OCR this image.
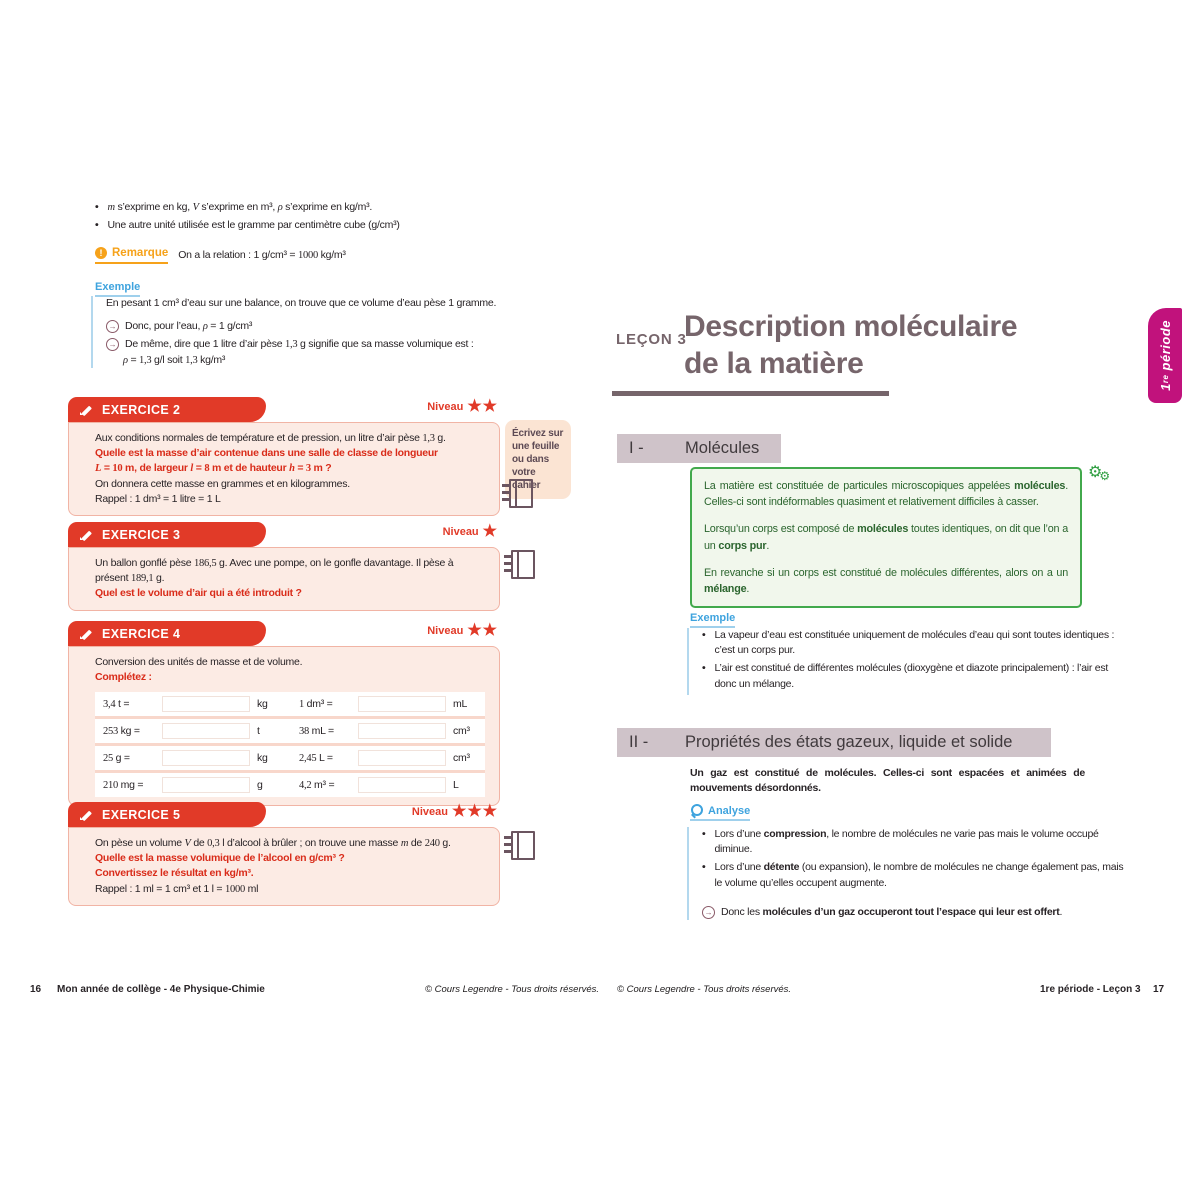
• m s’exprime en kg, V s’exprime en m³, ρ s’exprime en kg/m³.

• Une autre unité utilisée est le gramme par centimètre cube (g/cm³)

! Remarque On a la relation : 1 g/cm³ = 1000 kg/m³
Exemple

En pesant 1 cm³ d’eau sur une balance, on trouve que ce volume d’eau pèse 1 gramme.

→ Donc, pour l’eau, ρ = 1 g/cm³

→ De même, dire que 1 litre d’air pèse 1,3 g signifie que sa masse volumique est :

ρ = 1,3 g/l soit 1,3 kg/m³

EXERCICE 2	Niveau ★★

Aux conditions normales de température et de pression, un litre d’air pèse 1,3 g.

Quelle est la masse d’air contenue dans une salle de classe de longueur

L = 10 m, de largeur l = 8 m et de hauteur h = 3 m ?

On donnera cette masse en grammes et en kilogrammes.

Rappel : 1 dm³ = 1 litre = 1 L

Écrivez sur une feuille ou dans votre cahier
EXERCICE 3	Niveau ★

Un ballon gonflé pèse 186,5 g. Avec une pompe, on le gonfle davantage. Il pèse à présent 189,1 g.

Quel est le volume d’air qui a été introduit ?

EXERCICE 4	Niveau ★★

Conversion des unités de masse et de volume.

Complétez :

3,4 t =	kg	1 dm³ =	mL
253 kg =	t	38 mL =	cm³
25 g =	kg	2,45 L =	cm³
210 mg =	g	4,2 m³ =	L
EXERCICE 5	Niveau ★★★

On pèse un volume V de 0,3 l d’alcool à brûler ; on trouve une masse m de 240 g.

Quelle est la masse volumique de l’alcool en g/cm³ ?

Convertissez le résultat en kg/m³.

Rappel : 1 ml = 1 cm³ et 1 l = 1000 ml

16 Mon année de collège - 4e Physique-Chimie	© Cours Legendre - Tous droits réservés.
LEÇON 3
Description moléculaire
de la matière
1re période
I -	Molécules

La matière est constituée de particules microscopiques appelées molécules. Celles-ci sont indéformables quasiment et relativement difficiles à casser.

Lorsqu’un corps est composé de molécules toutes identiques, on dit que l’on a un corps pur.

En revanche si un corps est constitué de molécules différentes, alors on a un mélange.

⚙⚙
Exemple
• La vapeur d’eau est constituée uniquement de molécules d’eau qui sont toutes identiques : c’est un corps pur.

• L’air est constitué de différentes molécules (dioxygène et diazote principalement) : l’air est donc un mélange.

II -	Propriétés des états gazeux, liquide et solide

Un gaz est constitué de molécules. Celles-ci sont espacées et animées de mouvements désordonnés.

Analyse
• Lors d’une compression, le nombre de molécules ne varie pas mais le volume occupé diminue.

• Lors d’une détente (ou expansion), le nombre de molécules ne change également pas, mais le volume qu’elles occupent augmente.

→ Donc les molécules d’un gaz occuperont tout l’espace qui leur est offert.

© Cours Legendre - Tous droits réservés.	1re période - Leçon 3 17
